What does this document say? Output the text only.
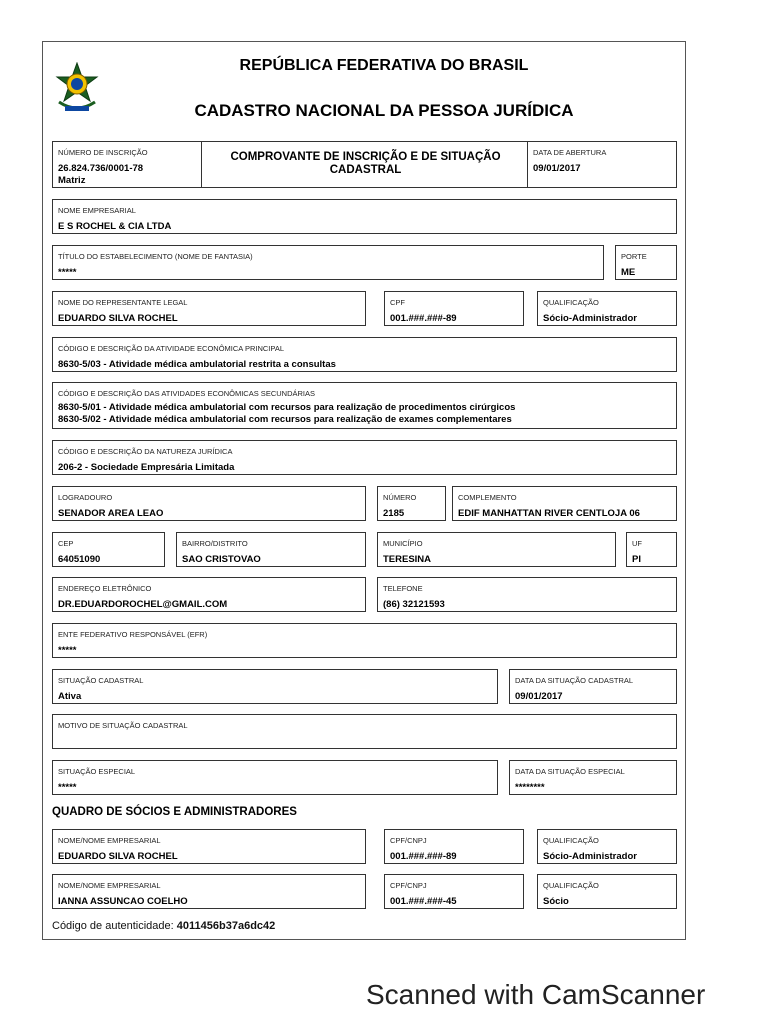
REPÚBLICA FEDERATIVA DO BRASIL
CADASTRO NACIONAL DA PESSOA JURÍDICA
NÚMERO DE INSCRIÇÃO
26.824.736/0001-78
Matriz
COMPROVANTE DE INSCRIÇÃO E DE SITUAÇÃO
CADASTRAL
DATA DE ABERTURA
09/01/2017
NOME EMPRESARIAL
E S ROCHEL & CIA LTDA
TÍTULO DO ESTABELECIMENTO (NOME DE FANTASIA)
*****
PORTE
ME
NOME DO REPRESENTANTE LEGAL
EDUARDO SILVA ROCHEL
CPF
001.###.###-89
QUALIFICAÇÃO
Sócio-Administrador
CÓDIGO E DESCRIÇÃO DA ATIVIDADE ECONÔMICA PRINCIPAL
8630-5/03 - Atividade médica ambulatorial restrita a consultas
CÓDIGO E DESCRIÇÃO DAS ATIVIDADES ECONÔMICAS SECUNDÁRIAS
8630-5/01 - Atividade médica ambulatorial com recursos para realização de procedimentos cirúrgicos
8630-5/02 - Atividade médica ambulatorial com recursos para realização de exames complementares
CÓDIGO E DESCRIÇÃO DA NATUREZA JURÍDICA
206-2 - Sociedade Empresária Limitada
LOGRADOURO
SENADOR AREA LEAO
NÚMERO
2185
COMPLEMENTO
EDIF MANHATTAN RIVER CENTLOJA 06
CEP
64051090
BAIRRO/DISTRITO
SAO CRISTOVAO
MUNICÍPIO
TERESINA
UF
PI
ENDEREÇO ELETRÔNICO
DR.EDUARDOROCHEL@GMAIL.COM
TELEFONE
(86) 32121593
ENTE FEDERATIVO RESPONSÁVEL (EFR)
*****
SITUAÇÃO CADASTRAL
Ativa
DATA DA SITUAÇÃO CADASTRAL
09/01/2017
MOTIVO DE SITUAÇÃO CADASTRAL
SITUAÇÃO ESPECIAL
*****
DATA DA SITUAÇÃO ESPECIAL
********
QUADRO DE SÓCIOS E ADMINISTRADORES
NOME/NOME EMPRESARIAL
EDUARDO SILVA ROCHEL
CPF/CNPJ
001.###.###-89
QUALIFICAÇÃO
Sócio-Administrador
NOME/NOME EMPRESARIAL
IANNA ASSUNCAO COELHO
CPF/CNPJ
001.###.###-45
QUALIFICAÇÃO
Sócio
Código de autenticidade: 4011456b37a6dc42
Scanned with CamScanner
